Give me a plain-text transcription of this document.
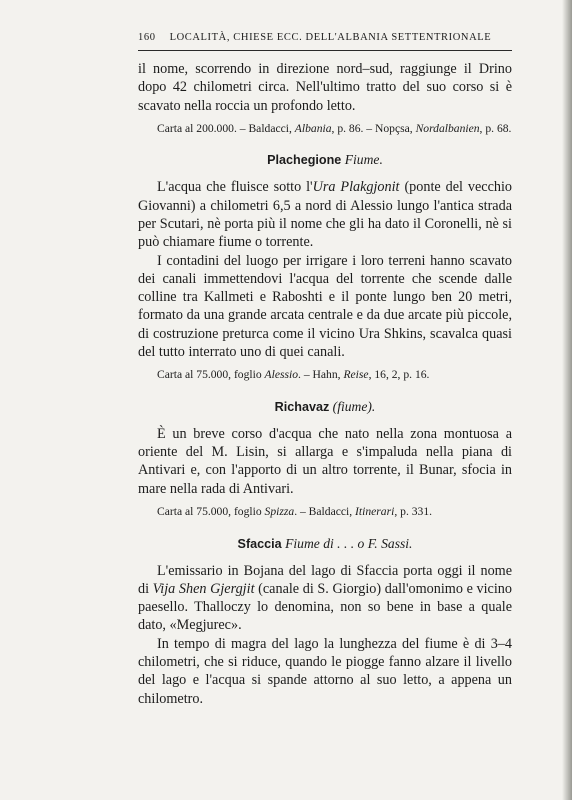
160 LOCALITÀ, CHIESE ECC. DELL'ALBANIA SETTENTRIONALE

il nome, scorrendo in direzione nord–sud, raggiunge il Drino dopo 42 chilometri circa. Nell'ultimo tratto del suo corso si è scavato nella roccia un profondo letto.

Carta al 200.000. – Baldacci, Albania, p. 86. – Nopçsa, Nordalbanien, p. 68.

Plachegione Fiume.

L'acqua che fluisce sotto l'Ura Plakgjonit (ponte del vecchio Giovanni) a chilometri 6,5 a nord di Alessio lungo l'antica strada per Scutari, nè porta più il nome che gli ha dato il Coronelli, nè si può chiamare fiume o torrente.

I contadini del luogo per irrigare i loro terreni hanno scavato dei canali immettendovi l'acqua del torrente che scende dalle colline tra Kallmeti e Raboshti e il ponte lungo ben 20 metri, formato da una grande arcata centrale e da due arcate più piccole, di costruzione preturca come il vicino Ura Shkins, scavalca quasi del tutto interrato uno di quei canali.

Carta al 75.000, foglio Alessio. – Hahn, Reise, 16, 2, p. 16.

Richavaz (fiume).

È un breve corso d'acqua che nato nella zona montuosa a oriente del M. Lisin, si allarga e s'impaluda nella piana di Antivari e, con l'apporto di un altro torrente, il Bunar, sfocia in mare nella rada di Antivari.

Carta al 75.000, foglio Spizza. – Baldacci, Itinerari, p. 331.

Sfaccia Fiume di . . . o F. Sassi.

L'emissario in Bojana del lago di Sfaccia porta oggi il nome di Vija Shen Gjergjit (canale di S. Giorgio) dall'omonimo e vicino paesello. Thalloczy lo denomina, non so bene in base a quale dato, «Megjurec».

In tempo di magra del lago la lunghezza del fiume è di 3–4 chilometri, che si riduce, quando le piogge fanno alzare il livello del lago e l'acqua si spande attorno al suo letto, a appena un chilometro.
